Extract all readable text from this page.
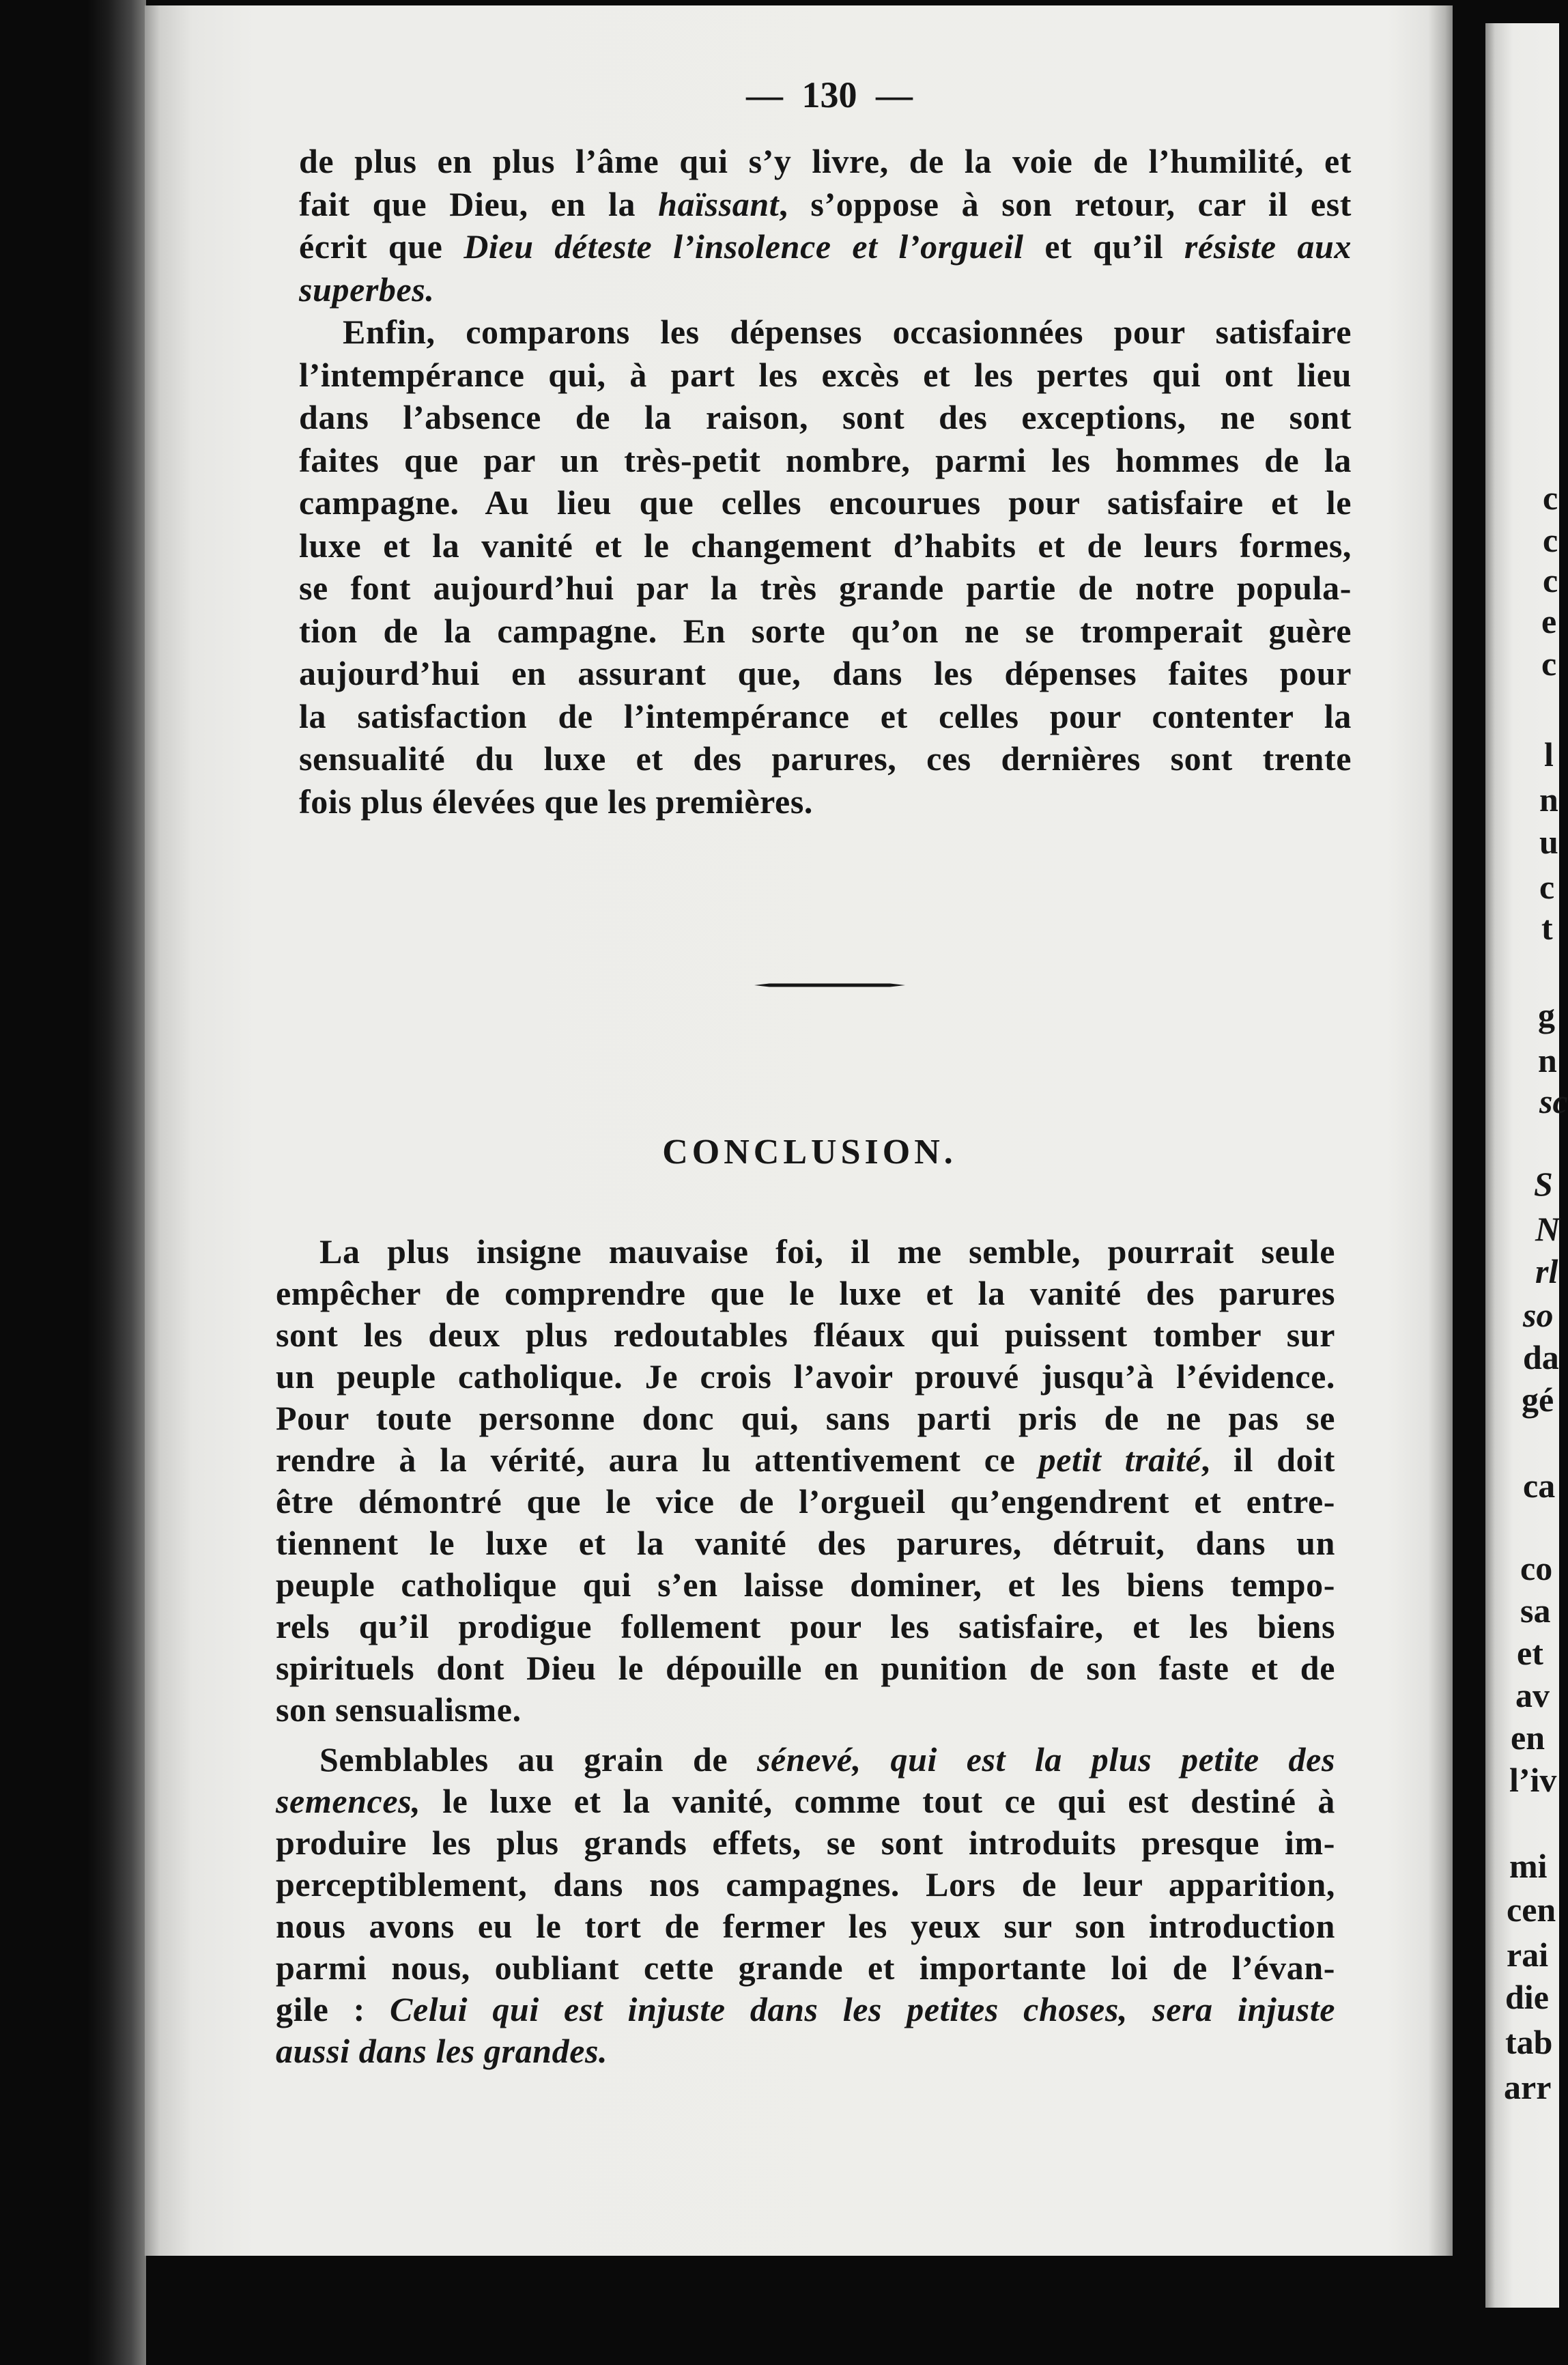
— 130 —
de plus en plus l’âme qui s’y livre, de la voie de l’humilité, et
fait que Dieu, en la haïssant, s’oppose à son retour, car il est
écrit que Dieu déteste l’insolence et l’orgueil et qu’il résiste aux
superbes.
Enfin, comparons les dépenses occasionnées pour satisfaire
l’intempérance qui, à part les excès et les pertes qui ont lieu
dans l’absence de la raison, sont des exceptions, ne sont
faites que par un très-petit nombre, parmi les hommes de la
campagne. Au lieu que celles encourues pour satisfaire et le
luxe et la vanité et le changement d’habits et de leurs formes,
se font aujourd’hui par la très grande partie de notre popula-
tion de la campagne. En sorte qu’on ne se tromperait guère
aujourd’hui en assurant que, dans les dépenses faites pour
la satisfaction de l’intempérance et celles pour contenter la
sensualité du luxe et des parures, ces dernières sont trente
fois plus élevées que les premières.
CONCLUSION.
La plus insigne mauvaise foi, il me semble, pourrait seule
empêcher de comprendre que le luxe et la vanité des parures
sont les deux plus redoutables fléaux qui puissent tomber sur
un peuple catholique. Je crois l’avoir prouvé jusqu’à l’évidence.
Pour toute personne donc qui, sans parti pris de ne pas se
rendre à la vérité, aura lu attentivement ce petit traité, il doit
être démontré que le vice de l’orgueil qu’engendrent et entre-
tiennent le luxe et la vanité des parures, détruit, dans un
peuple catholique qui s’en laisse dominer, et les biens tempo-
rels qu’il prodigue follement pour les satisfaire, et les biens
spirituels dont Dieu le dépouille en punition de son faste et de
son sensualisme.
Semblables au grain de sénevé, qui est la plus petite des
semences, le luxe et la vanité, comme tout ce qui est destiné à
produire les plus grands effets, se sont introduits presque im-
perceptiblement, dans nos campagnes. Lors de leur apparition,
nous avons eu le tort de fermer les yeux sur son introduction
parmi nous, oubliant cette grande et importante loi de l’évan-
gile : Celui qui est injuste dans les petites choses, sera injuste
aussi dans les grandes.
c
c
c
e
c
l
n
u
c
t
g
n
sc
S
N
rl
so
da
gé
ca
co
sa
et
av
en
l’iv
mi
cen
rai
die
tab
arr
